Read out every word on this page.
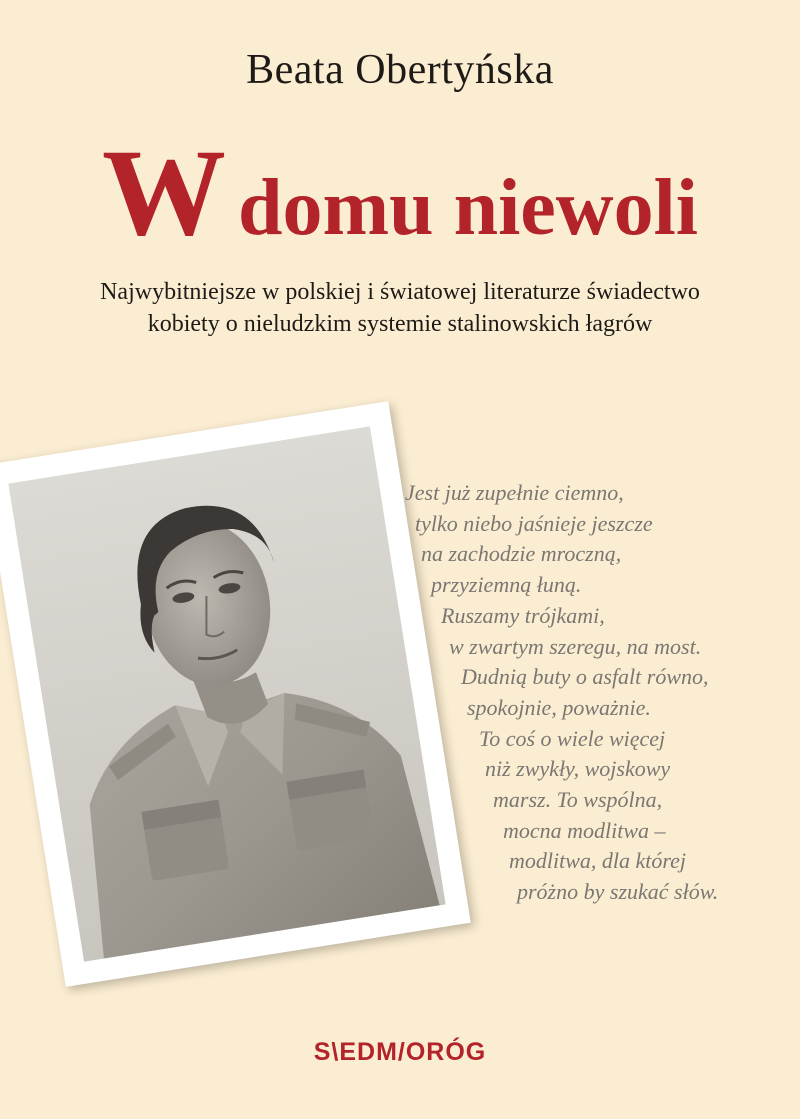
Beata Obertyńska
Wdomu niewoli
Najwybitniejsze w polskiej i światowej literaturze świadectwo
kobiety o nieludzkim systemie stalinowskich łagrów
Jest już zupełnie ciemno,
tylko niebo jaśnieje jeszcze
na zachodzie mroczną,
przyziemną łuną.
Ruszamy trójkami,
w zwartym szeregu, na most.
Dudnią buty o asfalt równo,
spokojnie, poważnie.
To coś o wiele więcej
niż zwykły, wojskowy
marsz. To wspólna,
mocna modlitwa –
modlitwa, dla której
próżno by szukać słów.
S\EDM/ORÓG
